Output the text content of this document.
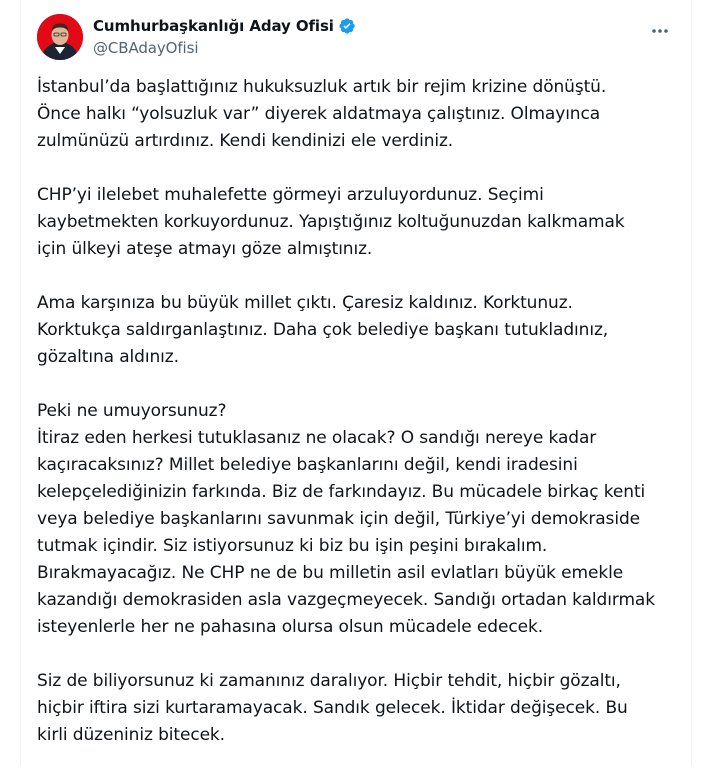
Cumhurbaşkanlığı Aday Ofisi
@CBAdayOfisi

İstanbul’da başlattığınız hukuksuzluk artık bir rejim krizine dönüştü.
Önce halkı “yolsuzluk var” diyerek aldatmaya çalıştınız. Olmayınca
zulmünüzü artırdınız. Kendi kendinizi ele verdiniz.

CHP’yi ilelebet muhalefette görmeyi arzuluyordunuz. Seçimi
kaybetmekten korkuyordunuz. Yapıştığınız koltuğunuzdan kalkmamak
için ülkeyi ateşe atmayı göze almıştınız.

Ama karşınıza bu büyük millet çıktı. Çaresiz kaldınız. Korktunuz.
Korktukça saldırganlaştınız. Daha çok belediye başkanı tutukladınız,
gözaltına aldınız.

Peki ne umuyorsunuz?
İtiraz eden herkesi tutuklasanız ne olacak? O sandığı nereye kadar
kaçıracaksınız? Millet belediye başkanlarını değil, kendi iradesini
kelepçelediğinizin farkında. Biz de farkındayız. Bu mücadele birkaç kenti
veya belediye başkanlarını savunmak için değil, Türkiye’yi demokraside
tutmak içindir. Siz istiyorsunuz ki biz bu işin peşini bırakalım.
Bırakmayacağız. Ne CHP ne de bu milletin asil evlatları büyük emekle
kazandığı demokrasiden asla vazgeçmeyecek. Sandığı ortadan kaldırmak
isteyenlerle her ne pahasına olursa olsun mücadele edecek.

Siz de biliyorsunuz ki zamanınız daralıyor. Hiçbir tehdit, hiçbir gözaltı,
hiçbir iftira sizi kurtaramayacak. Sandık gelecek. İktidar değişecek. Bu
kirli düzeniniz bitecek.
